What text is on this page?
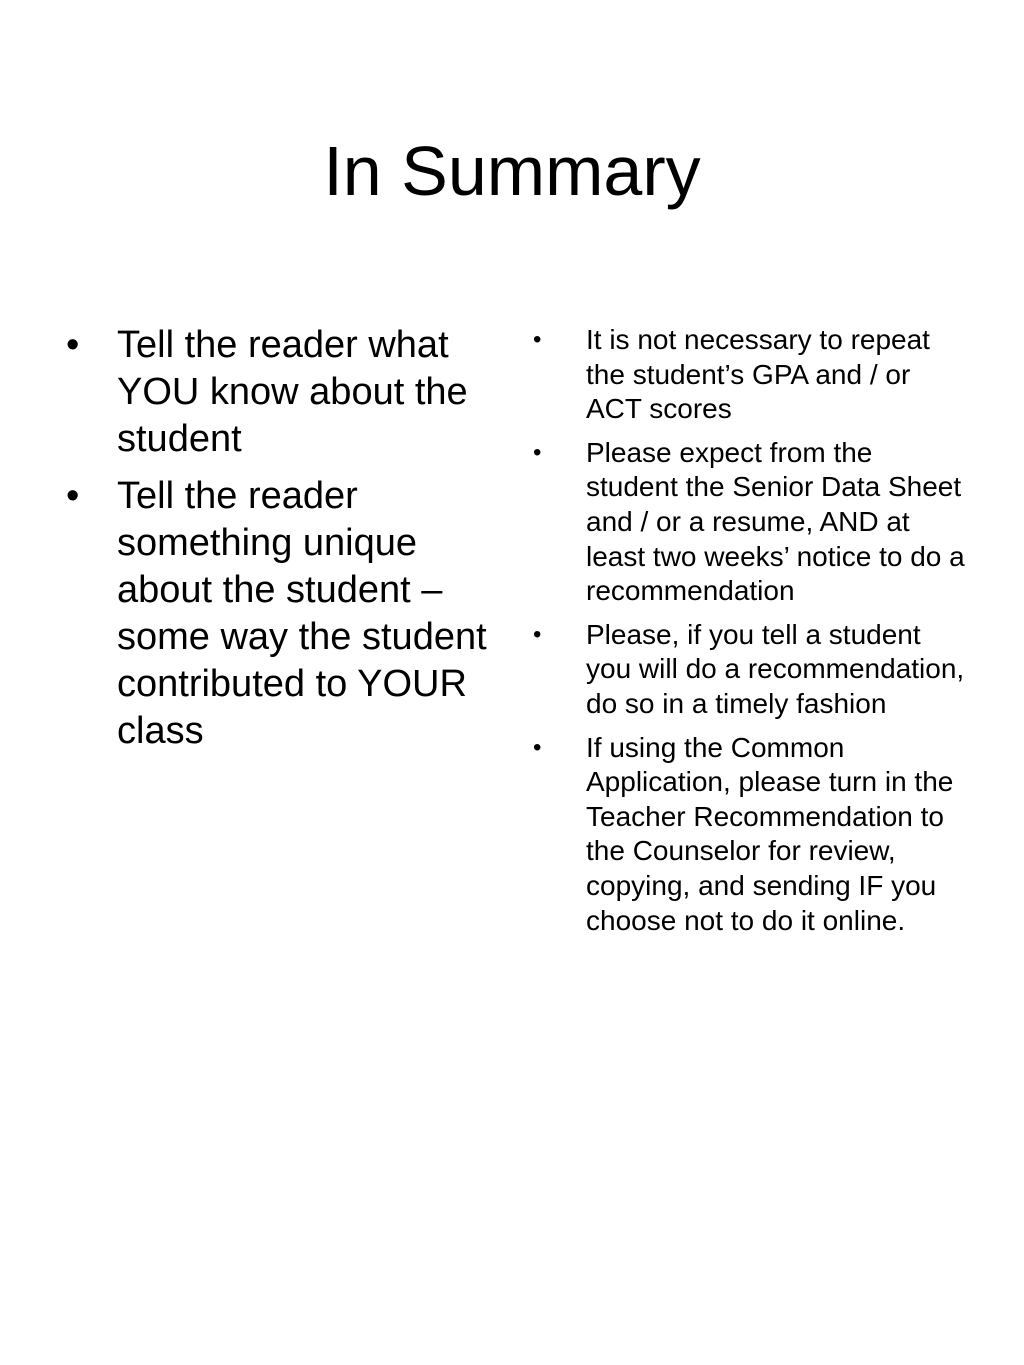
In Summary
• Tell the reader what YOU know about the student
• Tell the reader something unique about the student – some way the student contributed to YOUR class
• It is not necessary to repeat the student’s GPA and / or ACT scores
• Please expect from the student the Senior Data Sheet and / or a resume, AND at least two weeks’ notice to do a recommendation
• Please, if you tell a student you will do a recommendation, do so in a timely fashion
• If using the Common Application, please turn in the Teacher Recommendation to the Counselor for review, copying, and sending IF you choose not to do it online.
